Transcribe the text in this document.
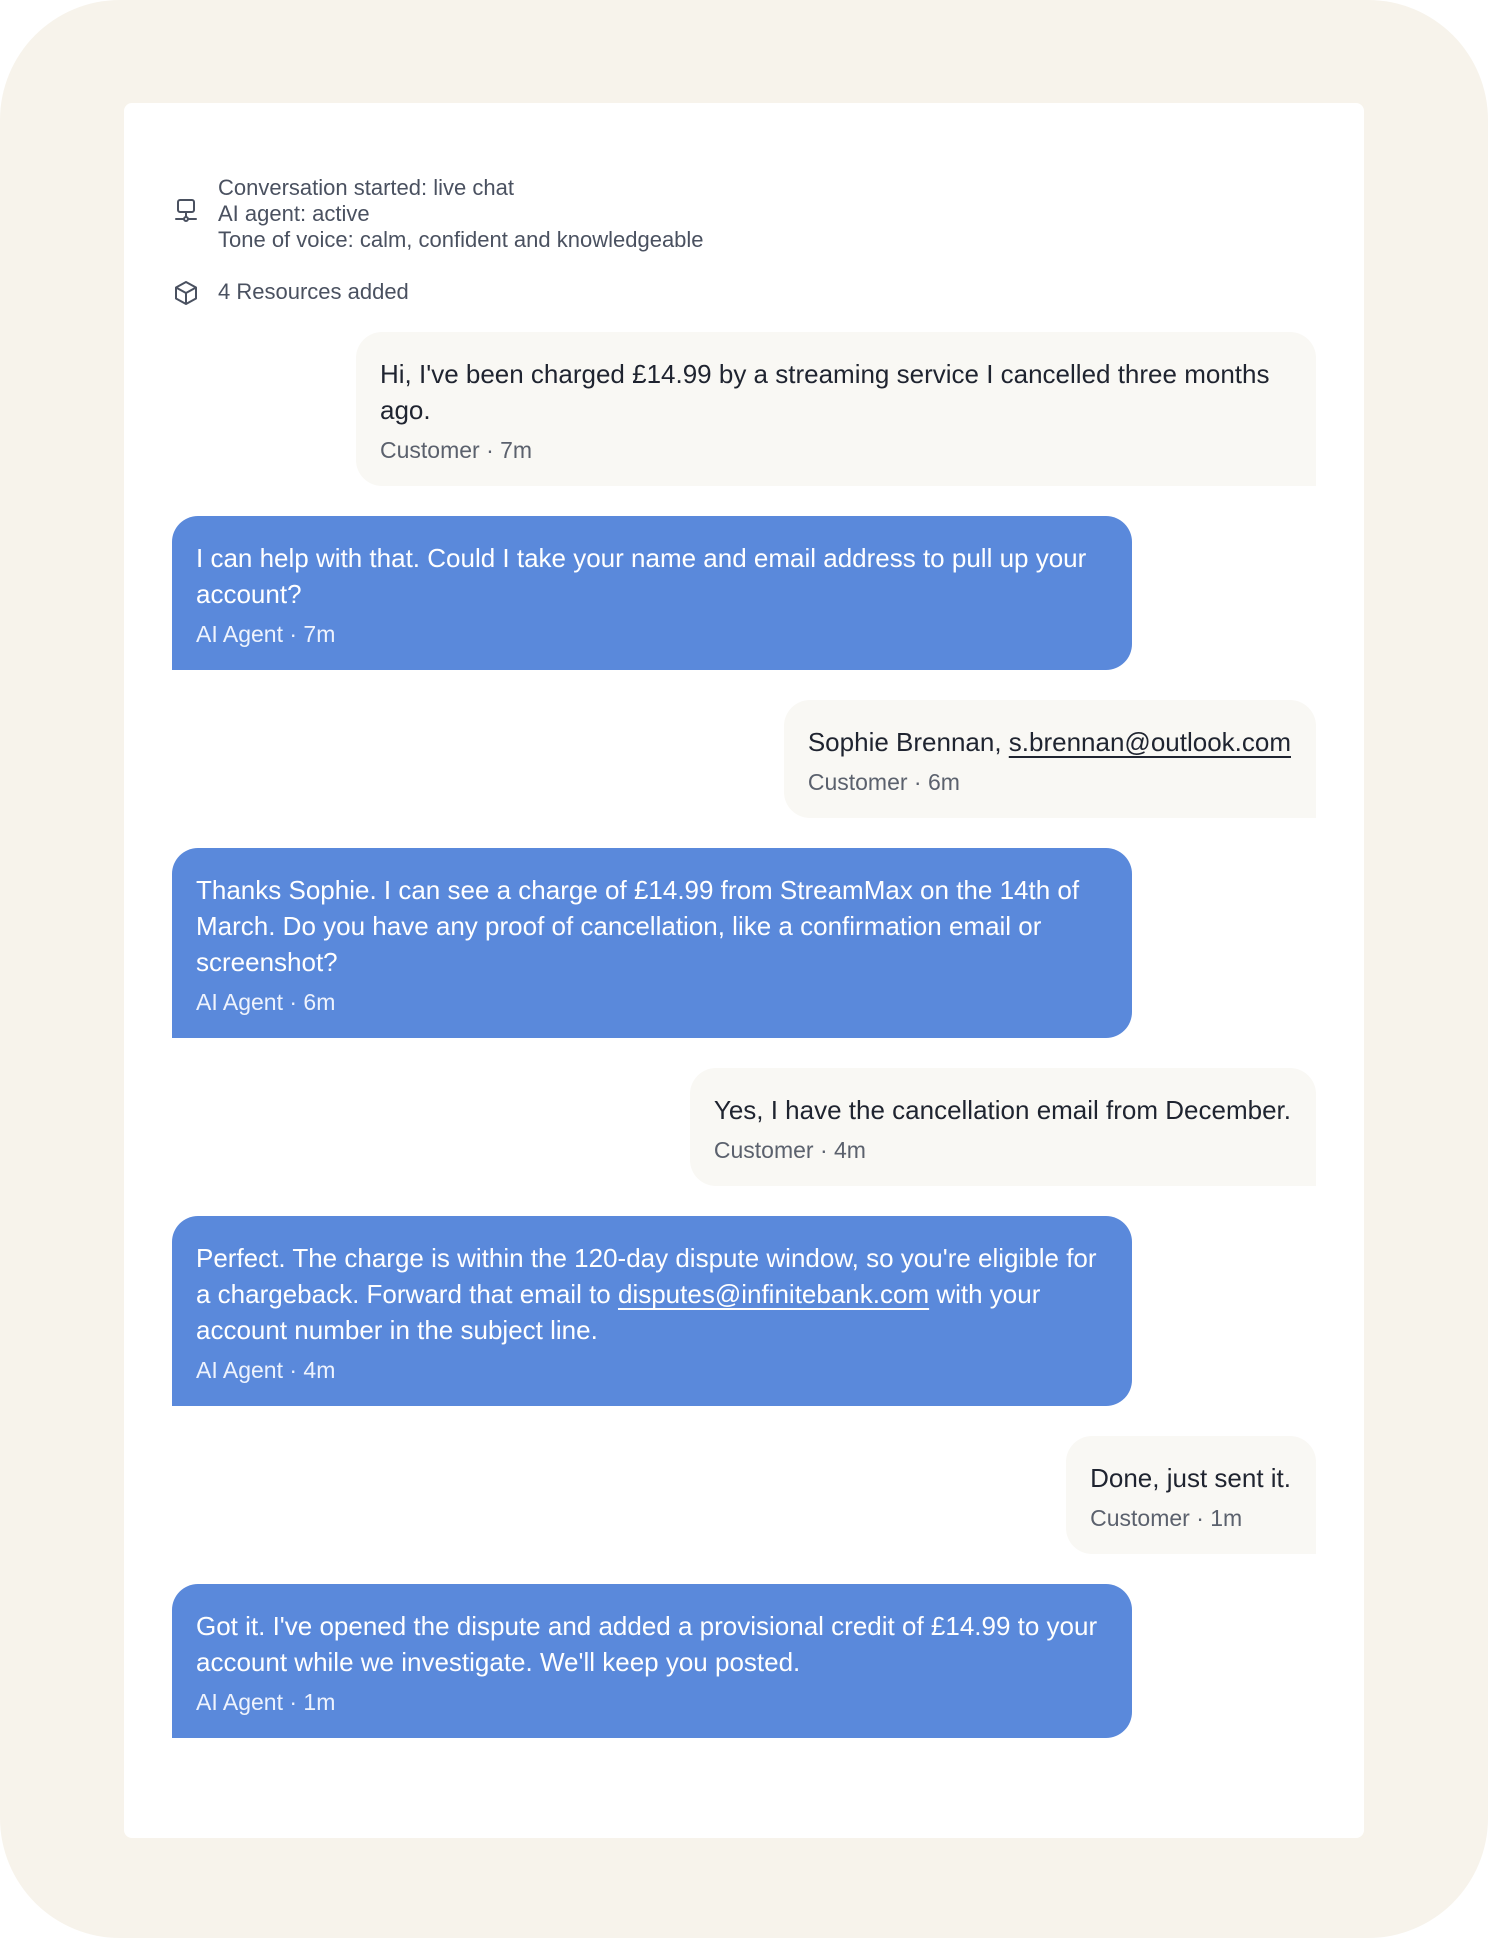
Conversation started: live chat
AI agent: active
Tone of voice: calm, confident and knowledgeable
4 Resources added
Hi, I've been charged £14.99 by a streaming service I cancelled three months ago.
Customer · 7m
I can help with that. Could I take your name and email address to pull up your account?
AI Agent · 7m
Sophie Brennan, s.brennan@outlook.com
Customer · 6m
Thanks Sophie. I can see a charge of £14.99 from StreamMax on the 14th of March. Do you have any proof of cancellation, like a confirmation email or screenshot?
AI Agent · 6m
Yes, I have the cancellation email from December.
Customer · 4m
Perfect. The charge is within the 120-day dispute window, so you're eligible for a chargeback. Forward that email to disputes@infinitebank.com with your account number in the subject line.
AI Agent · 4m
Done, just sent it.
Customer · 1m
Got it. I've opened the dispute and added a provisional credit of £14.99 to your account while we investigate. We'll keep you posted.
AI Agent · 1m
